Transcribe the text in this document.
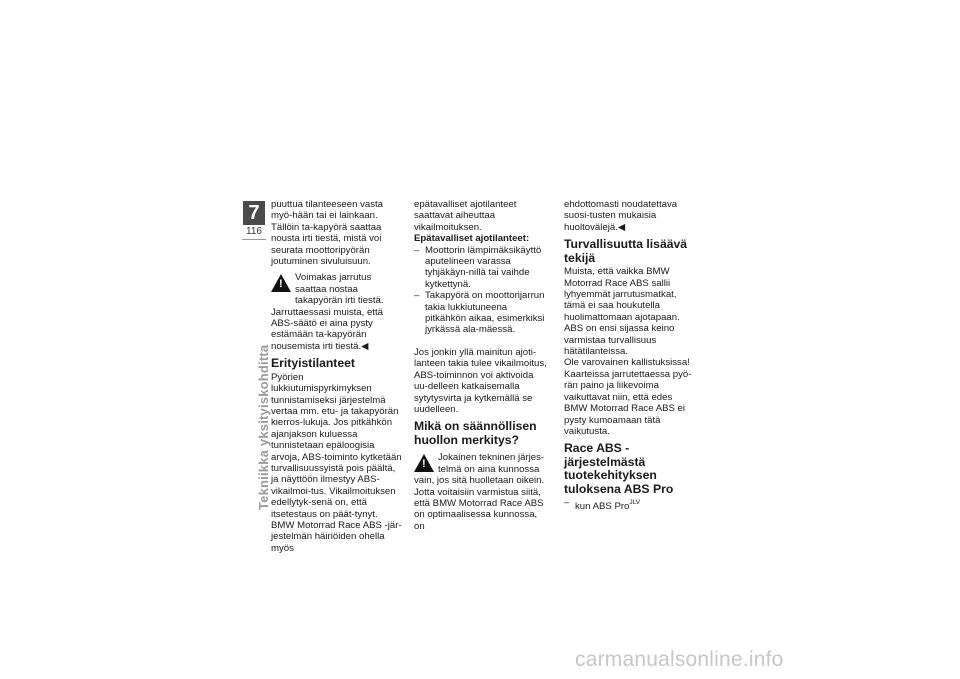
7
116
Tekniikka yksityiskohditta

puuttua tilanteeseen vasta myö-hään tai ei lainkaan. Tällöin ta-kapyörä saattaa nousta irti tiestä, mistä voi seurata moottoripyörän joutuminen sivuluisuun.

!

Voimakas jarrutus saattaa nostaa takapyörän irti tiestä.

Jarruttaessasi muista, että ABS-säätö ei aina pysty estämään ta-kapyörän nousemista irti tiestä.◀

Erityistilanteet

Pyörien lukkiutumispyrkimyksen tunnistamiseksi järjestelmä vertaa mm. etu- ja takapyörän kierros-lukuja. Jos pitkähkön ajanjakson kuluessa tunnistetaan epäloogisia arvoja, ABS-toiminto kytketään turvallisuussyistä pois päältä, ja näyttöön ilmestyy ABS-vikailmoi-tus. Vikailmoituksen edellytyk-senä on, että itsetestaus on päät-tynyt.

BMW Motorrad Race ABS -jär-jestelmän häiriöiden ohella myös

epätavalliset ajotilanteet saattavat aiheuttaa vikailmoituksen.

Epätavalliset ajotilanteet:
– Moottorin lämpimäksikäyttö aputelineen varassa tyhjäkäyn-nillä tai vaihde kytkettynä.
– Takapyörä on moottorijarrun takia lukkiutuneena pitkähkön aikaa, esimerkiksi jyrkässä ala-mäessä.

Jos jonkin yllä mainitun ajoti-lanteen takia tulee vikailmoitus, ABS-toiminnon voi aktivoida uu-delleen katkaisemalla sytytysvirta ja kytkemällä se uudelleen.

Mikä on säännöllisen huollon merkitys?
!

Jokainen tekninen järjes-telmä on aina kunnossa

vain, jos sitä huolletaan oikein. Jotta voitaisiin varmistua siitä, että BMW Motorrad Race ABS on optimaalisessa kunnossa, on

ehdottomasti noudatettava suosi-tusten mukaisia huoltovälejä.◀

Turvallisuutta lisäävä tekijä

Muista, että vaikka BMW Motorrad Race ABS sallii lyhyemmät jarrutusmatkat, tämä ei saa houkutella huolimattomaan ajotapaan. ABS on ensi sijassa keino varmistaa turvallisuus hätätilanteissa.

Ole varovainen kallistuksissa! Kaarteissa jarrutettaessa pyö-rän paino ja liikevoima vaikuttavat niin, että edes BMW Motorrad Race ABS ei pysty kumoamaan tätä vaikutusta.

Race ABS -järjestelmästä tuotekehityksen tuloksena ABS Pro
– kun ABS Pro$^{JLV}$
carmanualsonline.info
